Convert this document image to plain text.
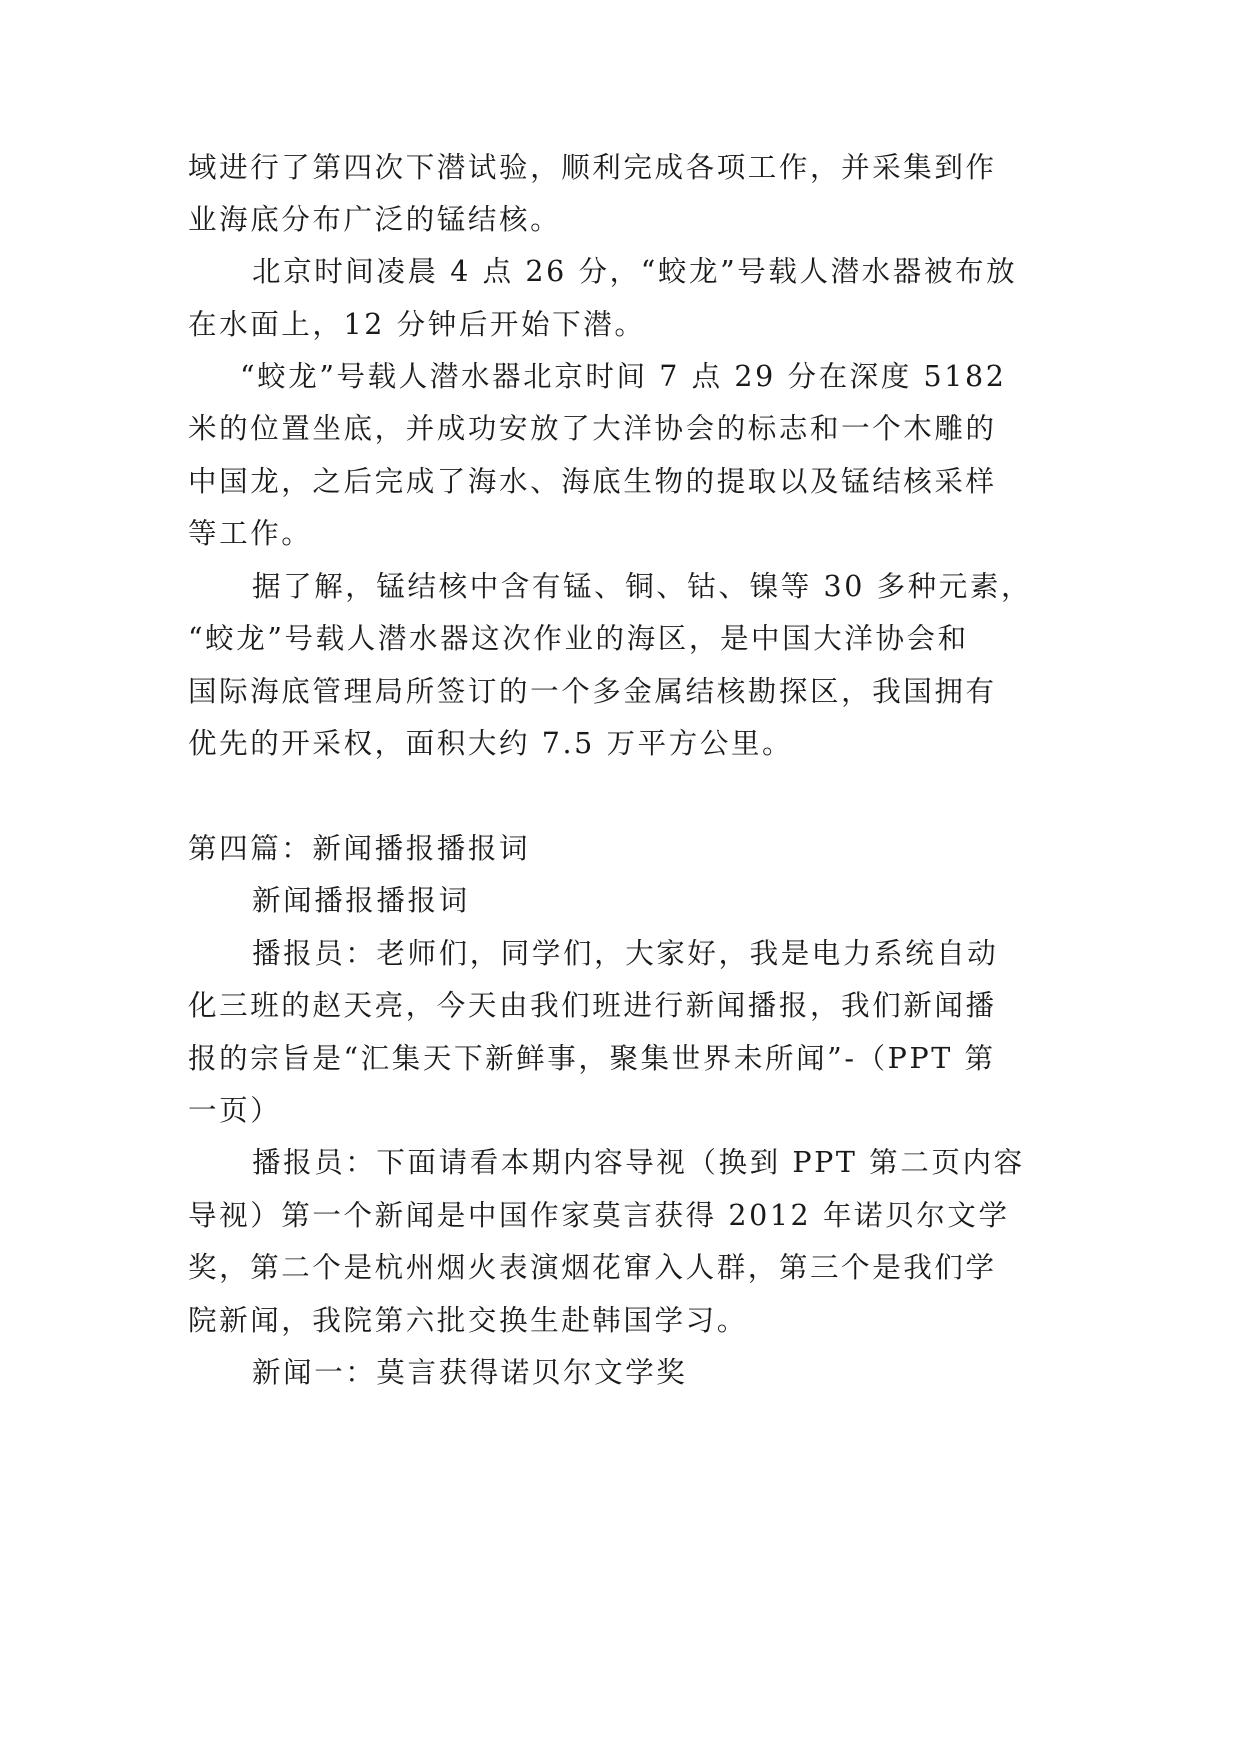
域进行了第四次下潜试验，顺利完成各项工作，并采集到作
业海底分布广泛的锰结核。
北京时间凌晨 4 点 26 分，“蛟龙”号载人潜水器被布放
在水面上，12 分钟后开始下潜。
“蛟龙”号载人潜水器北京时间 7 点 29 分在深度 5182
米的位置坐底，并成功安放了大洋协会的标志和一个木雕的
中国龙，之后完成了海水、海底生物的提取以及锰结核采样
等工作。
据了解，锰结核中含有锰、铜、钴、镍等 30 多种元素，
“蛟龙”号载人潜水器这次作业的海区，是中国大洋协会和
国际海底管理局所签订的一个多金属结核勘探区，我国拥有
优先的开采权，面积大约 7.5 万平方公里。
第四篇：新闻播报播报词
新闻播报播报词
播报员：老师们，同学们，大家好，我是电力系统自动
化三班的赵天亮，今天由我们班进行新闻播报，我们新闻播
报的宗旨是“汇集天下新鲜事，聚集世界未所闻”-（PPT 第
一页）
播报员：下面请看本期内容导视（换到 PPT 第二页内容
导视）第一个新闻是中国作家莫言获得 2012 年诺贝尔文学
奖，第二个是杭州烟火表演烟花窜入人群，第三个是我们学
院新闻，我院第六批交换生赴韩国学习。
新闻一：莫言获得诺贝尔文学奖
